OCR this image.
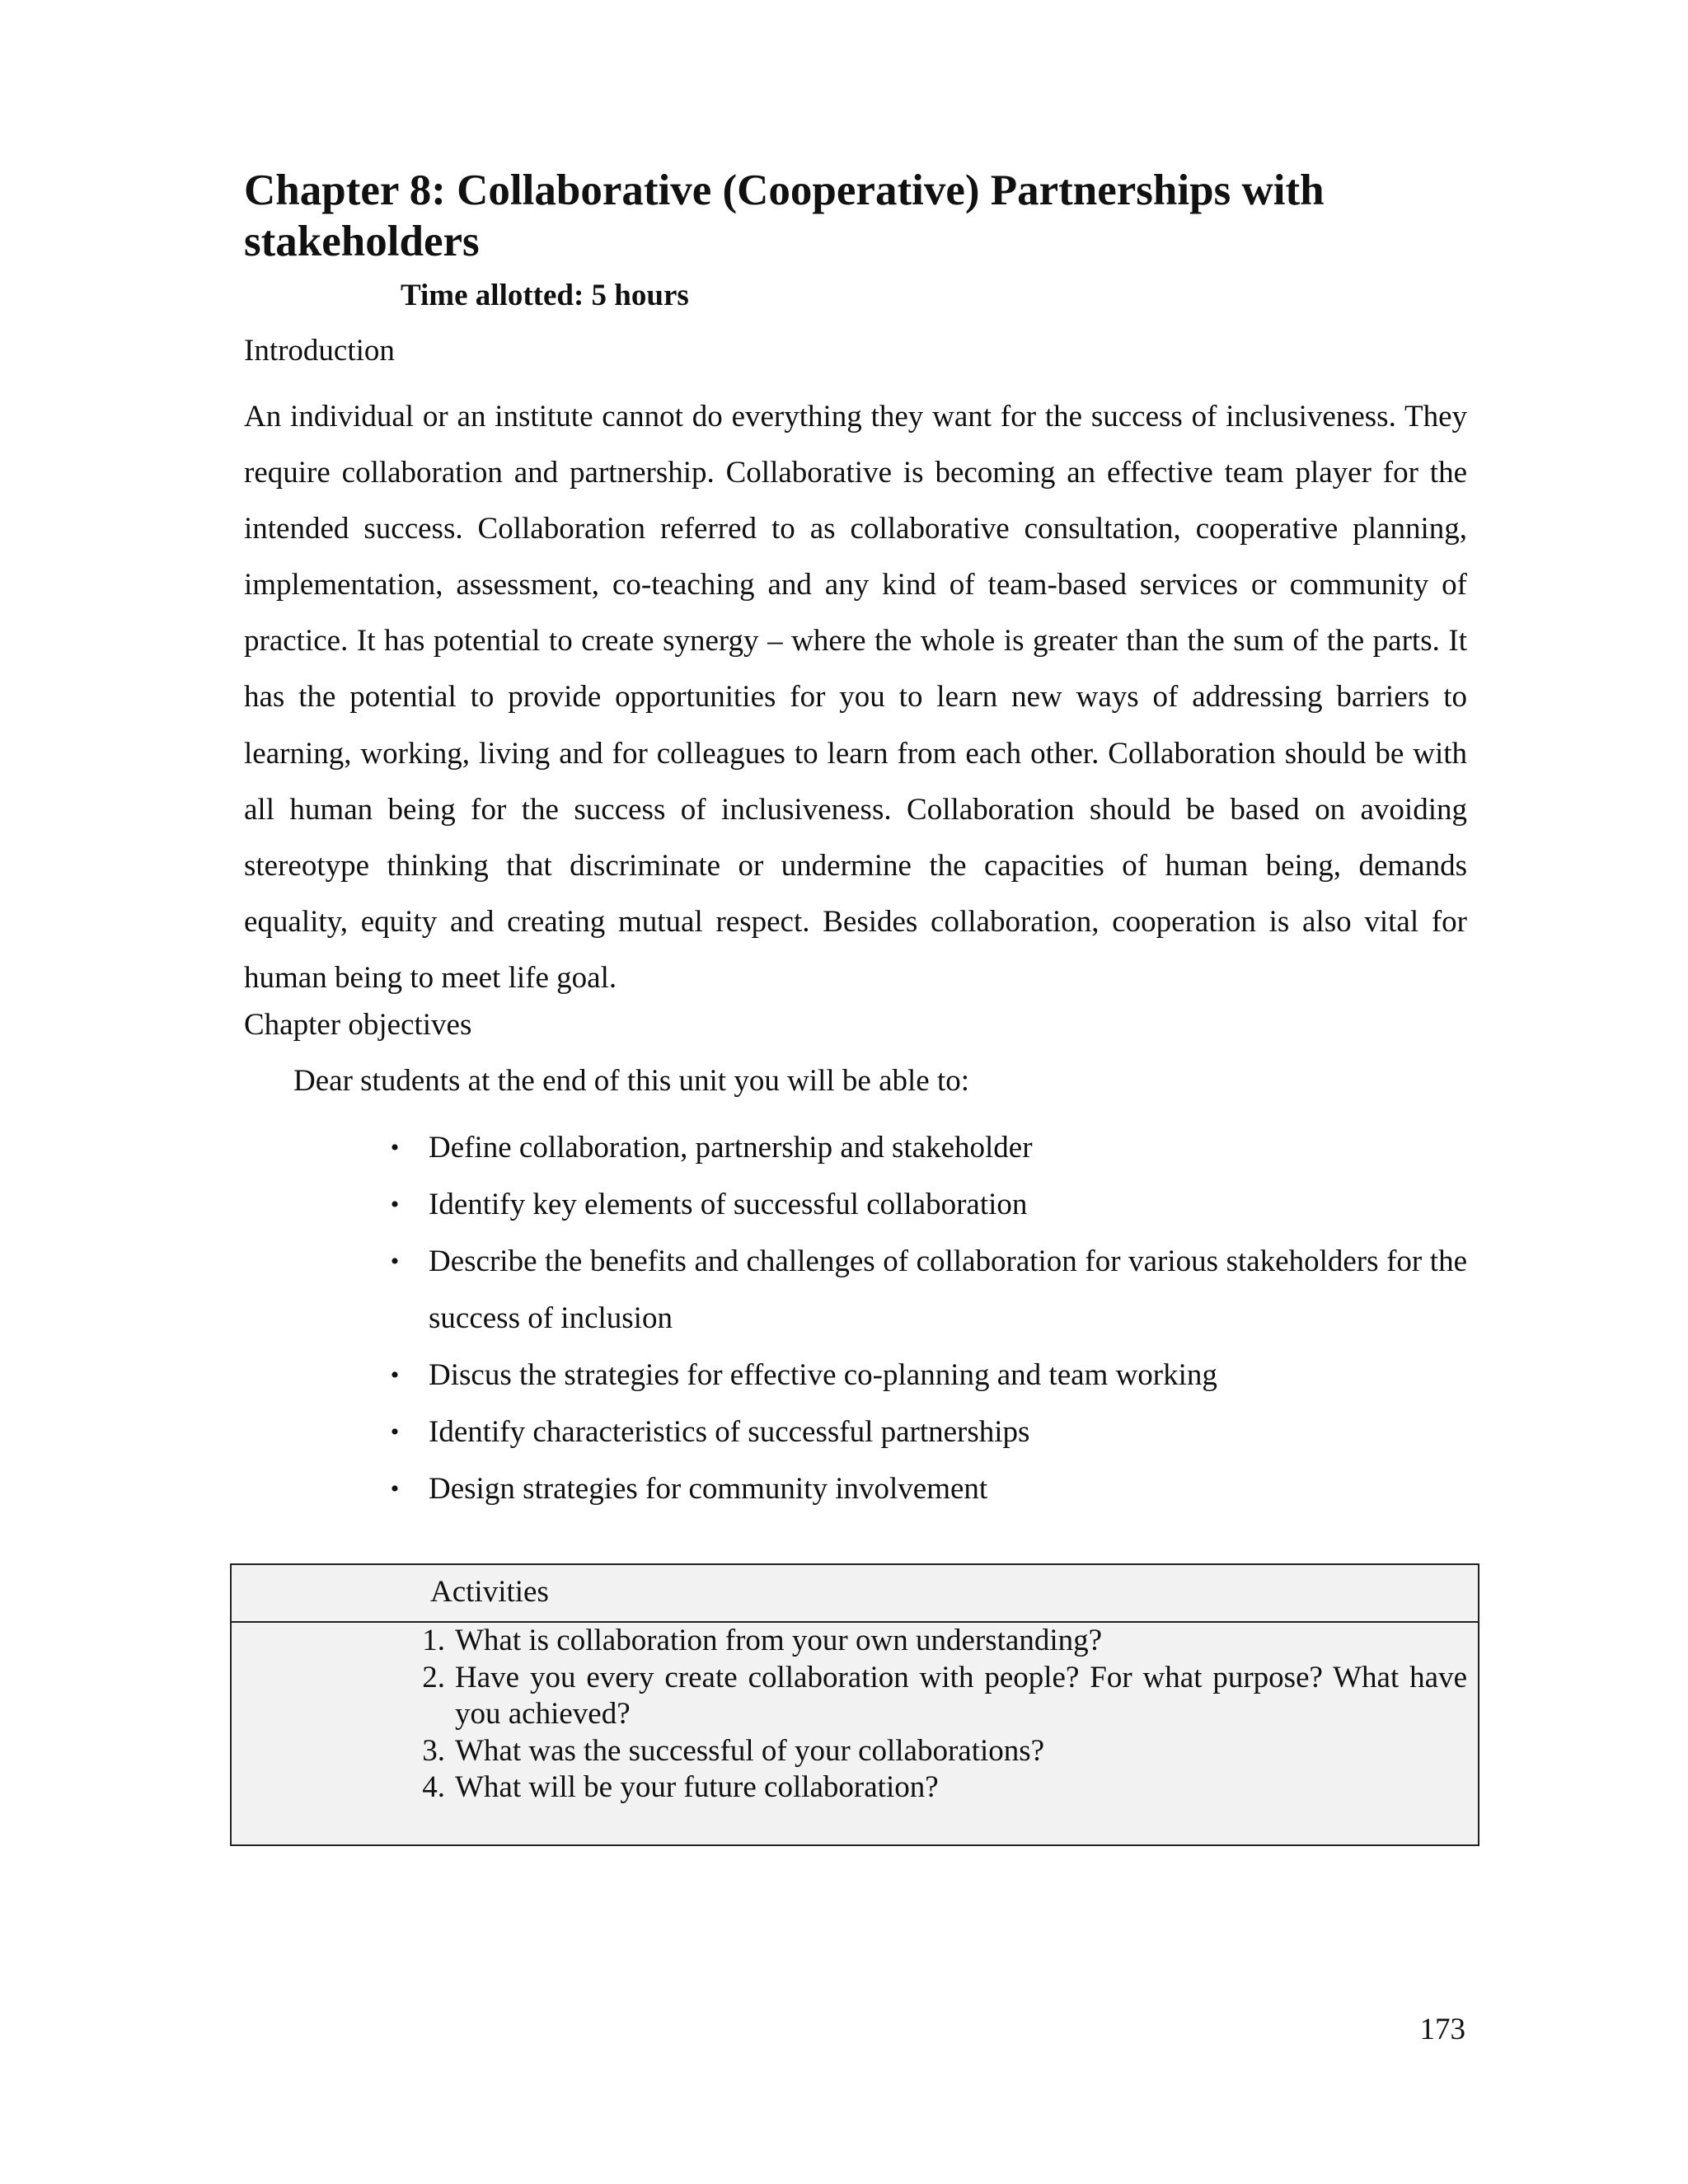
Chapter 8: Collaborative (Cooperative) Partnerships with stakeholders

Time allotted: 5 hours

Introduction

An individual or an institute cannot do everything they want for the success of inclusiveness. They require collaboration and partnership. Collaborative is becoming an effective team player for the intended success. Collaboration referred to as collaborative consultation, cooperative planning, implementation, assessment, co-teaching and any kind of team-based services or community of practice. It has potential to create synergy – where the whole is greater than the sum of the parts. It has the potential to provide opportunities for you to learn new ways of addressing barriers to learning, working, living and for colleagues to learn from each other. Collaboration should be with all human being for the success of inclusiveness. Collaboration should be based on avoiding stereotype thinking that discriminate or undermine the capacities of human being, demands equality, equity and creating mutual respect. Besides collaboration, cooperation is also vital for human being to meet life goal.

Chapter objectives

Dear students at the end of this unit you will be able to:

• Define collaboration, partnership and stakeholder
• Identify key elements of successful collaboration
• Describe the benefits and challenges of collaboration for various stakeholders for the success of inclusion
• Discus the strategies for effective co-planning and team working
• Identify characteristics of successful partnerships
• Design strategies for community involvement
Activities
1. What is collaboration from your own understanding?
2. Have you every create collaboration with people? For what purpose? What have you achieved?
3. What was the successful of your collaborations?
4. What will be your future collaboration?

173
